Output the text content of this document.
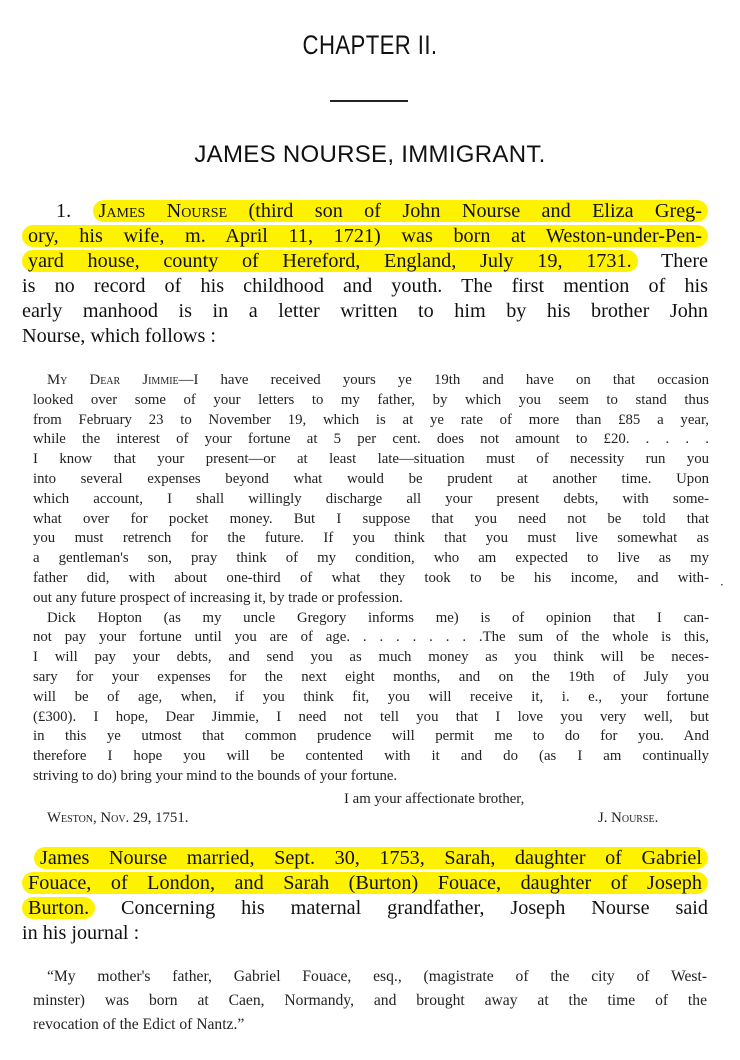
CHAPTER II.
JAMES NOURSE, IMMIGRANT.
1. James Nourse (third son of John Nourse and Eliza Greg-
ory, his wife, m. April 11, 1721) was born at Weston-under-Pen-
yard house, county of Hereford, England, July 19, 1731. There
is no record of his childhood and youth. The first mention of his
early manhood is in a letter written to him by his brother John
Nourse, which follows :
My Dear Jimmie—I have received yours ye 19th and have on that occasion
looked over some of your letters to my father, by which you seem to stand thus
from February 23 to November 19, which is at ye rate of more than £85 a year,
while the interest of your fortune at 5 per cent. does not amount to £20. . . . .
I know that your present—or at least late—situation must of necessity run you
into several expenses beyond what would be prudent at another time. Upon
which account, I shall willingly discharge all your present debts, with some-
what over for pocket money. But I suppose that you need not be told that
you must retrench for the future. If you think that you must live somewhat as
a gentleman's son, pray think of my condition, who am expected to live as my
father did, with about one-third of what they took to be his income, and with-
out any future prospect of increasing it, by trade or profession.
Dick Hopton (as my uncle Gregory informs me) is of opinion that I can-
not pay your fortune until you are of age. . . . . . . . .The sum of the whole is this,
I will pay your debts, and send you as much money as you think will be neces-
sary for your expenses for the next eight months, and on the 19th of July you
will be of age, when, if you think fit, you will receive it, i. e., your fortune
(£300). I hope, Dear Jimmie, I need not tell you that I love you very well, but
in this ye utmost that common prudence will permit me to do for you. And
therefore I hope you will be contented with it and do (as I am continually
striving to do) bring your mind to the bounds of your fortune.
·
I am your affectionate brother,
Weston, Nov. 29, 1751.	J. Nourse.
James Nourse married, Sept. 30, 1753, Sarah, daughter of Gabriel
Fouace, of London, and Sarah (Burton) Fouace, daughter of Joseph
Burton. Concerning his maternal grandfather, Joseph Nourse said
in his journal :
“My mother's father, Gabriel Fouace, esq., (magistrate of the city of West-
minster) was born at Caen, Normandy, and brought away at the time of the
revocation of the Edict of Nantz.”
